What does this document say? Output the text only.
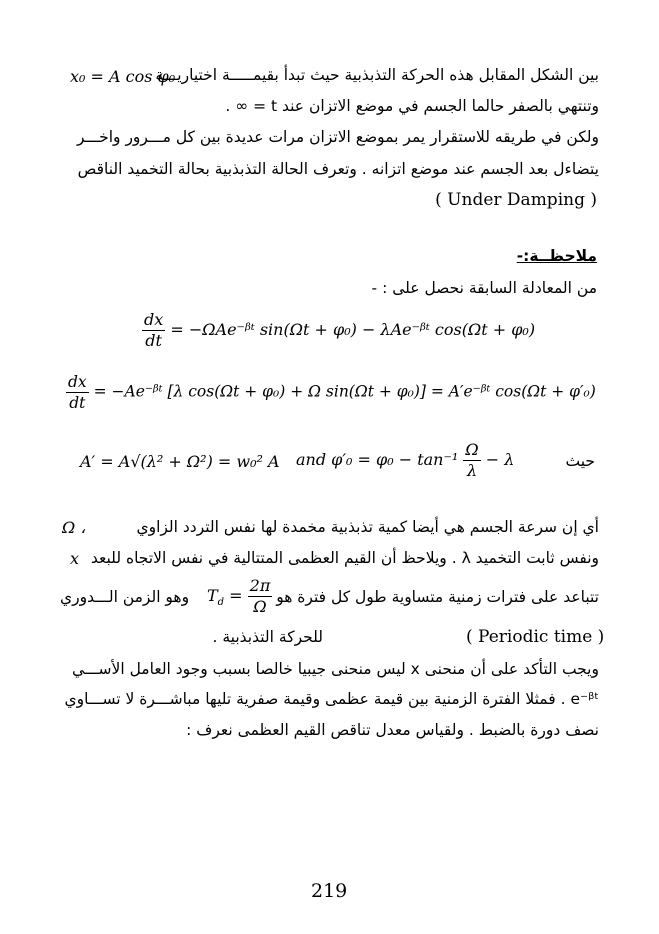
x₀ = A cos φ₀
بين الشكل المقابل هذه الحركة التذبذبية حيث تبدأ بقيمـــــة اختياريـــة
وتنتهي بالصفر حالما الجسم في موضع الاتزان عند t = ∞ .
ولكن في طريقه للاستقرار يمر بموضع الاتزان مرات عديدة بين كل مـــرور واخـــر
يتضاءل بعد الجسم عند موضع اتزانه . وتعرف الحالة التذبذبية بحالة التخميد الناقص
( Under Damping )
ملاحظــة:-
من المعادلة السابقة نحصل على : -
$\frac{dx}{dt}$ = −ΩAe⁻ᵝᵗ sin(Ωt + φ₀) − λAe⁻ᵝᵗ cos(Ωt + φ₀)
$\frac{dx}{dt}$ = −Ae⁻ᵝᵗ [λ cos(Ωt + φ₀) + Ω sin(Ωt + φ₀)] = A′e⁻ᵝᵗ cos(Ωt + φ′₀)
A′ = A√(λ² + Ω²) = w₀² A and $\varphi'_0 = \varphi_0 - \tan^{-1} \frac{\Omega}{\lambda} - \lambda$	حيث
Ω ،	أي إن سرعة الجسم هي أيضا كمية تذبذبية مخمدة لها نفس التردد الزاوي
x ونفس ثابت التخميد λ . ويلاحظ أن القيم العظمى المتتالية في نفس الاتجاه للبعد
وهو الزمن الـــدوري $T_d = \frac{2\pi}{\Omega}$ تتباعد على فترات زمنية متساوية طول كل فترة هو
للحركة التذبذبية .	( Periodic time )
ويجب التأكد على أن منحنى x ليس منحنى جيبيا خالصا بسبب وجود العامل الأســـي
e⁻ᵝᵗ . فمثلا الفترة الزمنية بين قيمة عظمى وقيمة صفرية تليها مباشـــرة لا تســـاوي
نصف دورة بالضبط . ولقياس معدل تناقص القيم العظمى نعرف :
219
